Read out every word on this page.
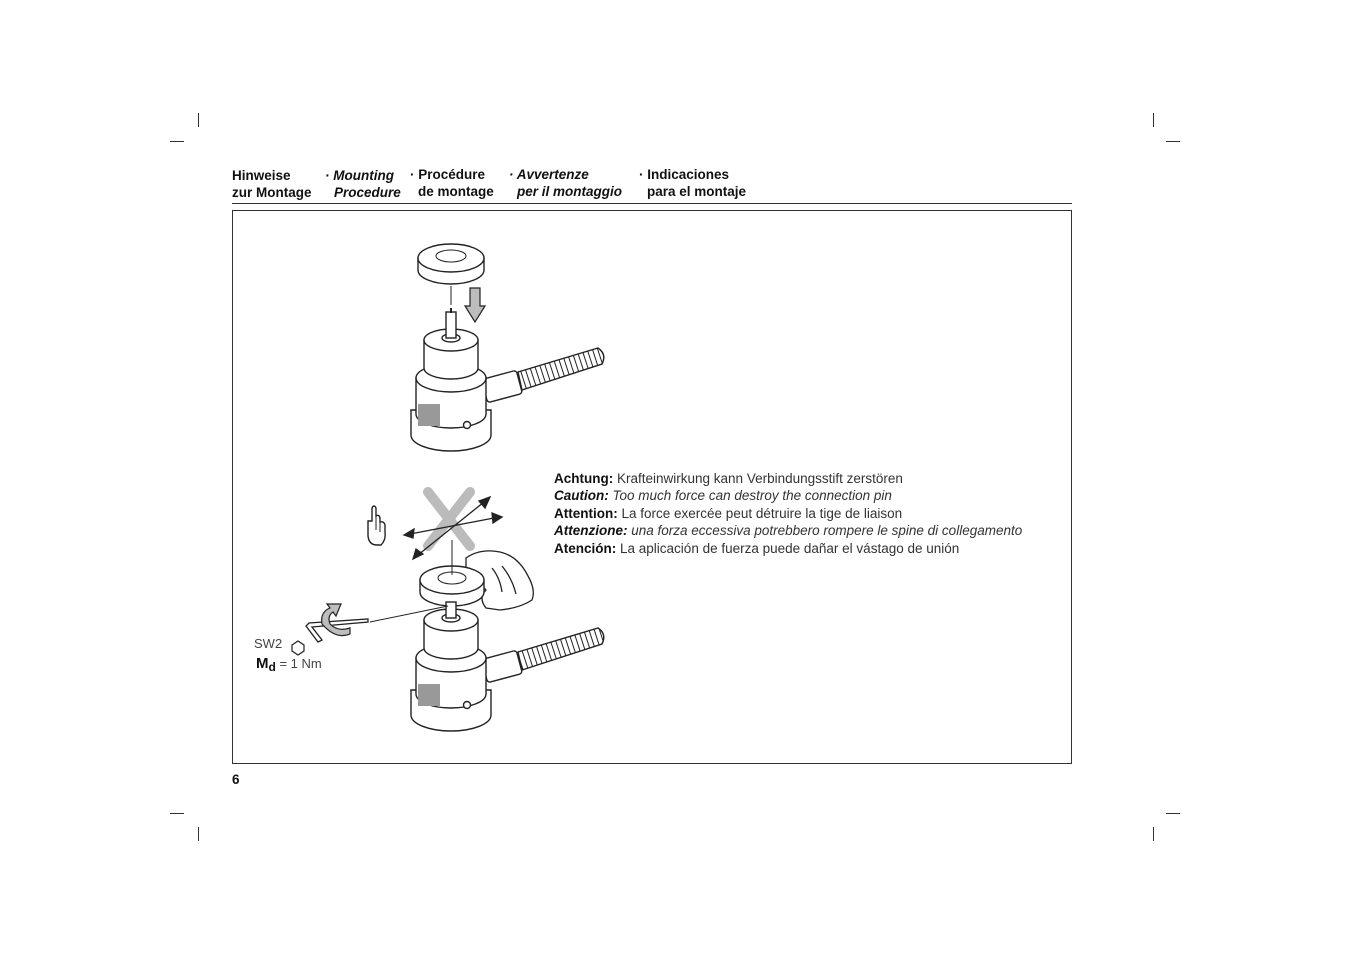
Hinweise
zur Montage
· Mounting
Procedure
· Procédure
de montage
· Avvertenze
per il montaggio
· Indicaciones
para el montaje
Achtung: Krafteinwirkung kann Verbindungsstift zerstören
Caution: Too much force can destroy the connection pin
Attention: La force exercée peut détruire la tige de liaison
Attenzione: una forza eccessiva potrebbero rompere le spine di collegamento
Atención: La aplicación de fuerza puede dañar el vástago de unión
SW2
$M_d = 1$ Nm
6
